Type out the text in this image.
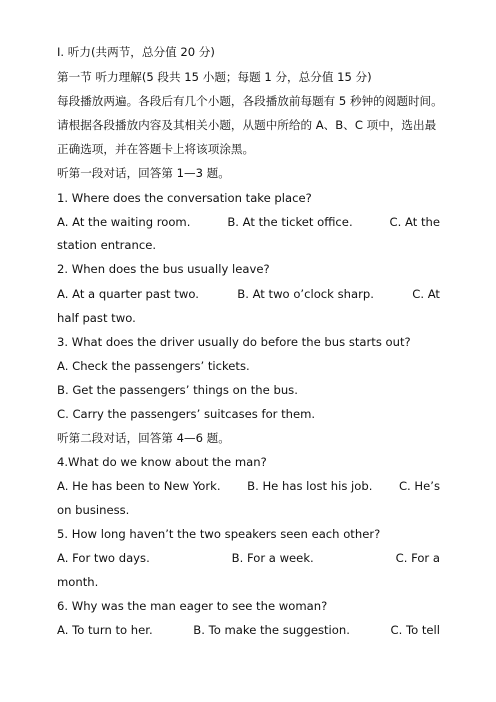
I. 听力(共两节，总分值 20 分)
第一节 听力理解(5 段共 15 小题；每题 1 分，总分值 15 分)
每段播放两遍。各段后有几个小题，各段播放前每题有 5 秒钟的阅题时间。
请根据各段播放内容及其相关小题，从题中所给的 A、B、C 项中，选出最
正确选项，并在答题卡上将该项涂黑。
听第一段对话，回答第 1—3 题。
1. Where does the conversation take place?
A. At the waiting room.	B. At the ticket office.	C. At the
station entrance.
2. When does the bus usually leave?
A. At a quarter past two.	B. At two o’clock sharp.	C. At
half past two.
3. What does the driver usually do before the bus starts out?
A. Check the passengers’ tickets.
B. Get the passengers’ things on the bus.
C. Carry the passengers’ suitcases for them.
听第二段对话，回答第 4—6 题。
4.What do we know about the man?
A. He has been to New York. B. He has lost his job. C. He’s
on business.
5. How long haven’t the two speakers seen each other?
A. For two days.	B. For a week.	C. For a
month.
6. Why was the man eager to see the woman?
A. To turn to her.	B. To make the suggestion.	C. To tell
